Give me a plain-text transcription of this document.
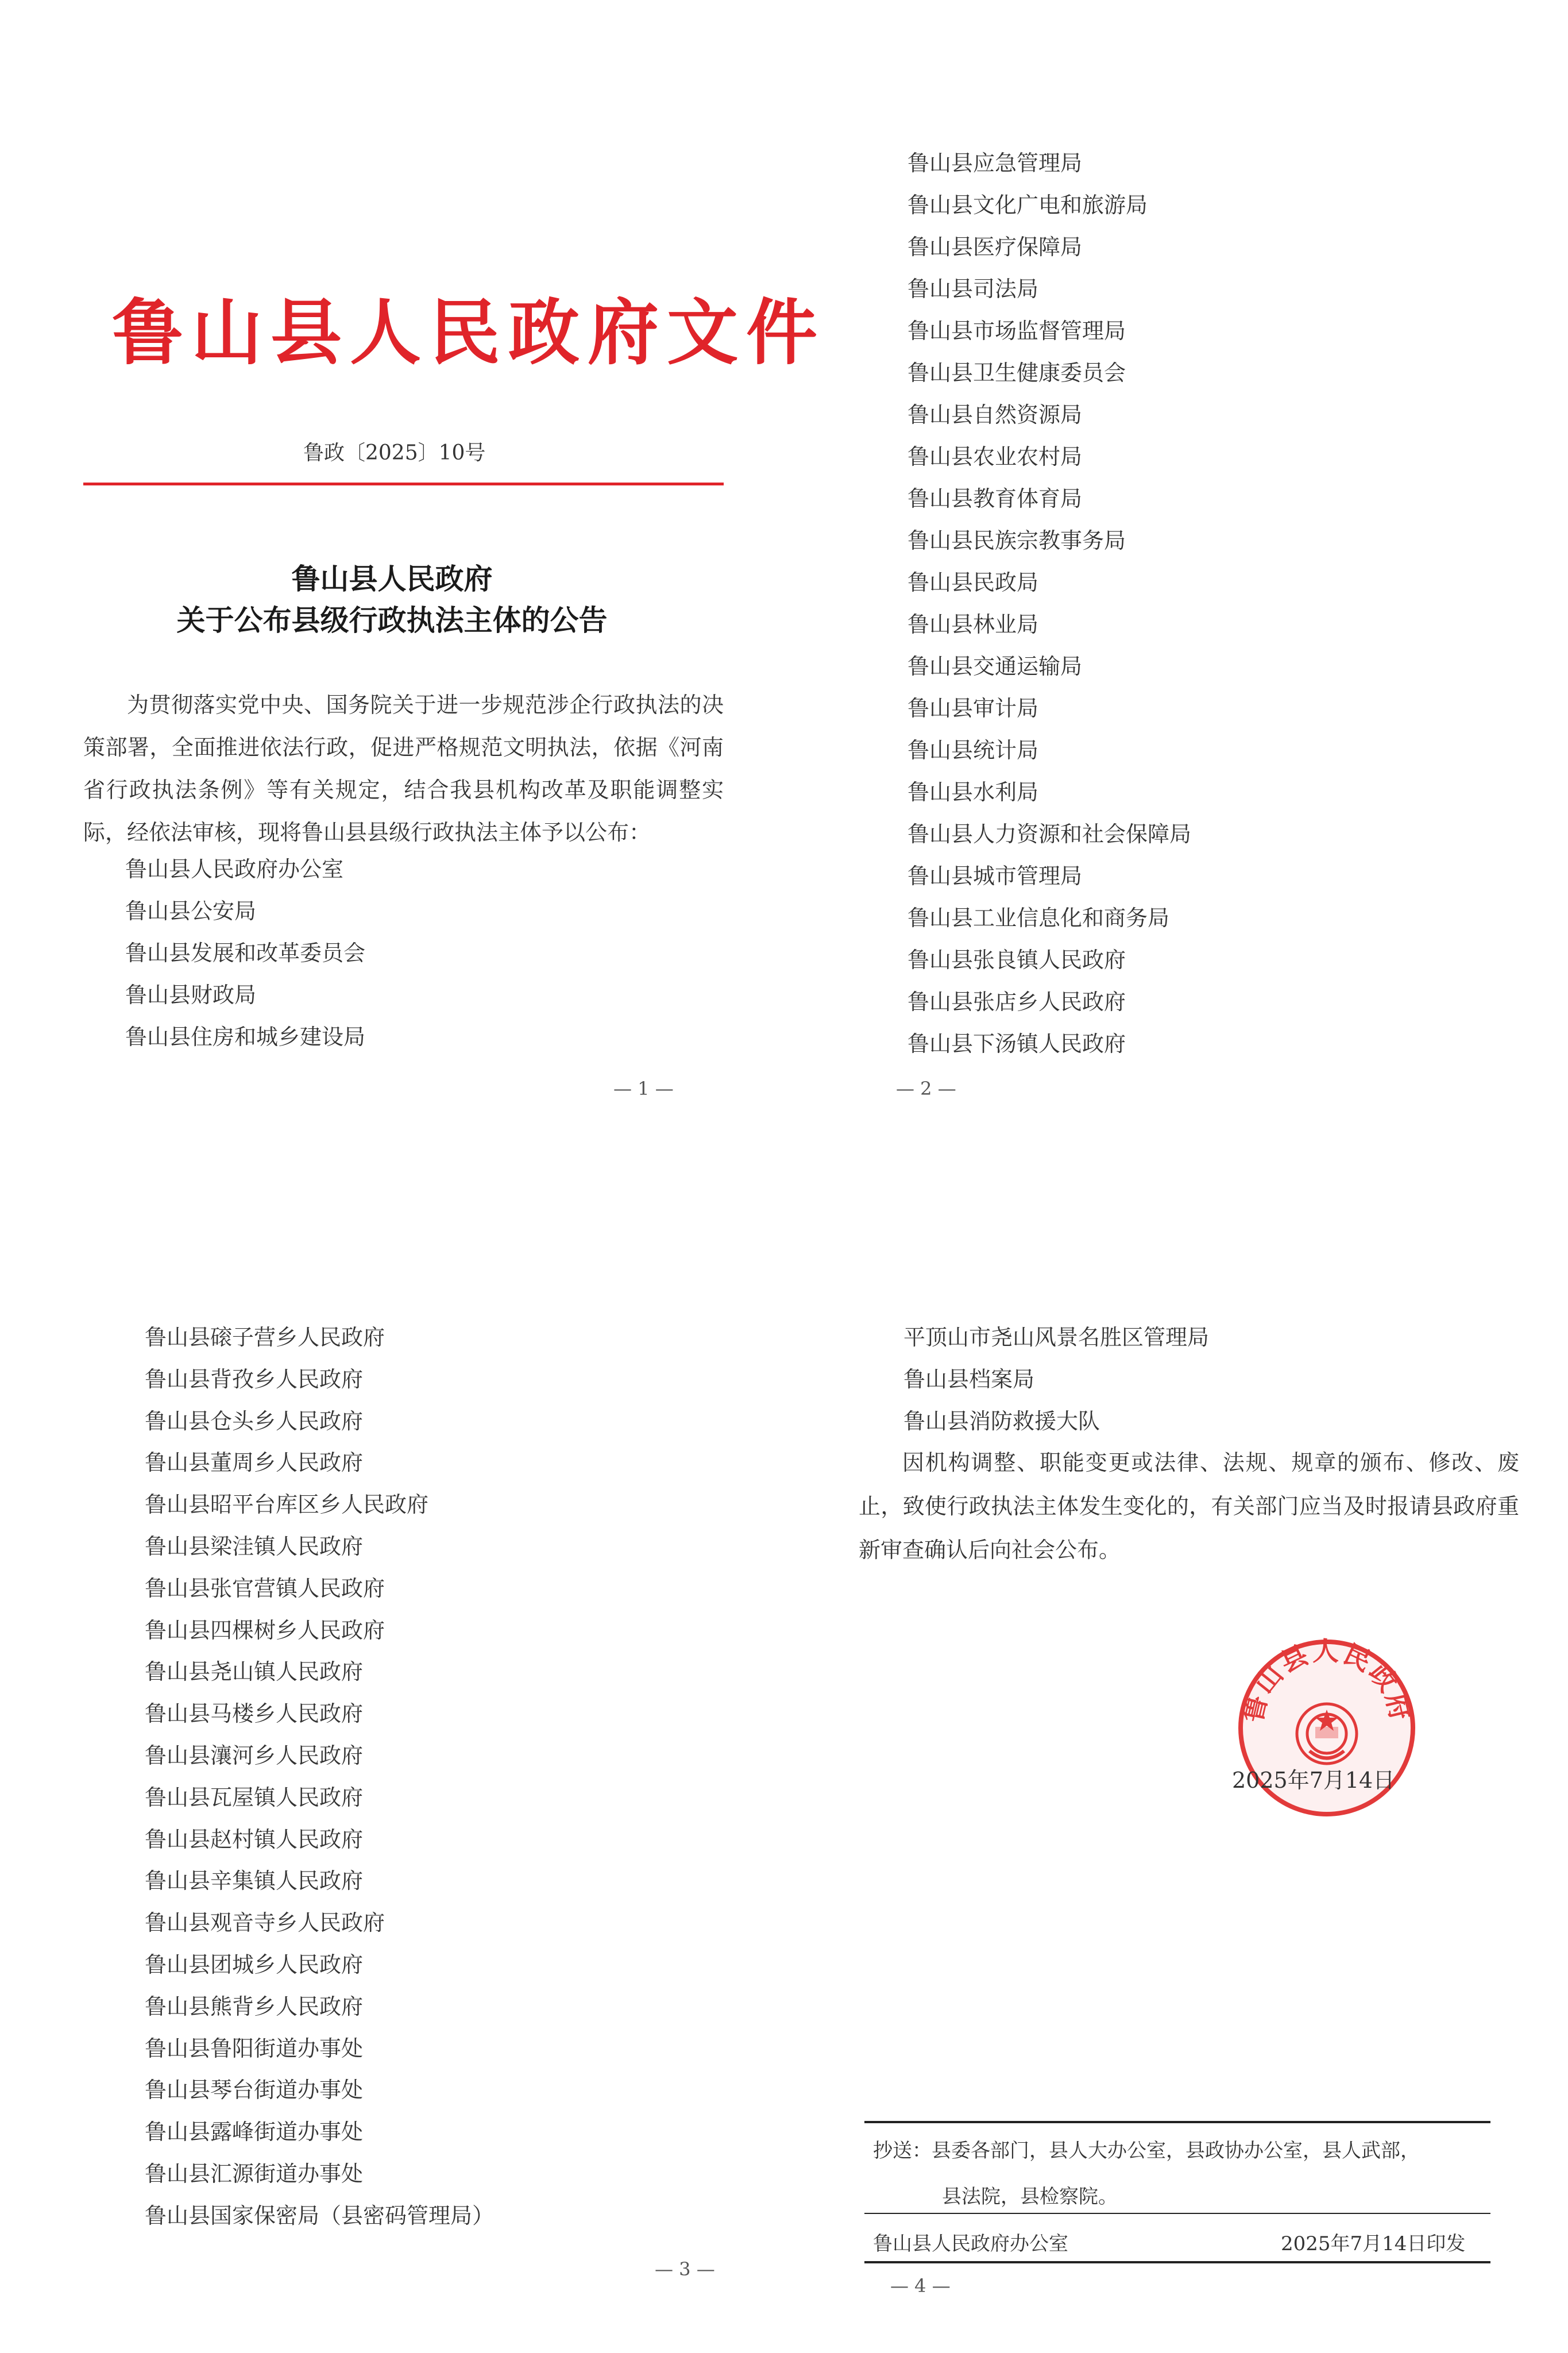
鲁山县人民政府文件
鲁政〔2025〕10号
鲁山县人民政府
关于公布县级行政执法主体的公告
为贯彻落实党中央、国务院关于进一步规范涉企行政执法的决策部署，全面推进依法行政，促进严格规范文明执法，依据《河南省行政执法条例》等有关规定，结合我县机构改革及职能调整实际，经依法审核，现将鲁山县县级行政执法主体予以公布：
鲁山县人民政府办公室
鲁山县公安局
鲁山县发展和改革委员会
鲁山县财政局
鲁山县住房和城乡建设局
— 1 —
鲁山县应急管理局
鲁山县文化广电和旅游局
鲁山县医疗保障局
鲁山县司法局
鲁山县市场监督管理局
鲁山县卫生健康委员会
鲁山县自然资源局
鲁山县农业农村局
鲁山县教育体育局
鲁山县民族宗教事务局
鲁山县民政局
鲁山县林业局
鲁山县交通运输局
鲁山县审计局
鲁山县统计局
鲁山县水利局
鲁山县人力资源和社会保障局
鲁山县城市管理局
鲁山县工业信息化和商务局
鲁山县张良镇人民政府
鲁山县张店乡人民政府
鲁山县下汤镇人民政府
— 2 —
鲁山县磙子营乡人民政府
鲁山县背孜乡人民政府
鲁山县仓头乡人民政府
鲁山县董周乡人民政府
鲁山县昭平台库区乡人民政府
鲁山县梁洼镇人民政府
鲁山县张官营镇人民政府
鲁山县四棵树乡人民政府
鲁山县尧山镇人民政府
鲁山县马楼乡人民政府
鲁山县瀼河乡人民政府
鲁山县瓦屋镇人民政府
鲁山县赵村镇人民政府
鲁山县辛集镇人民政府
鲁山县观音寺乡人民政府
鲁山县团城乡人民政府
鲁山县熊背乡人民政府
鲁山县鲁阳街道办事处
鲁山县琴台街道办事处
鲁山县露峰街道办事处
鲁山县汇源街道办事处
鲁山县国家保密局（县密码管理局）
— 3 —
平顶山市尧山风景名胜区管理局
鲁山县档案局
鲁山县消防救援大队
因机构调整、职能变更或法律、法规、规章的颁布、修改、废止，致使行政执法主体发生变化的，有关部门应当及时报请县政府重新审查确认后向社会公布。
鲁山县人民政府
2025年7月14日
抄送：县委各部门，县人大办公室，县政协办公室，县人武部，
县法院，县检察院。
鲁山县人民政府办公室	2025年7月14日印发
— 4 —
